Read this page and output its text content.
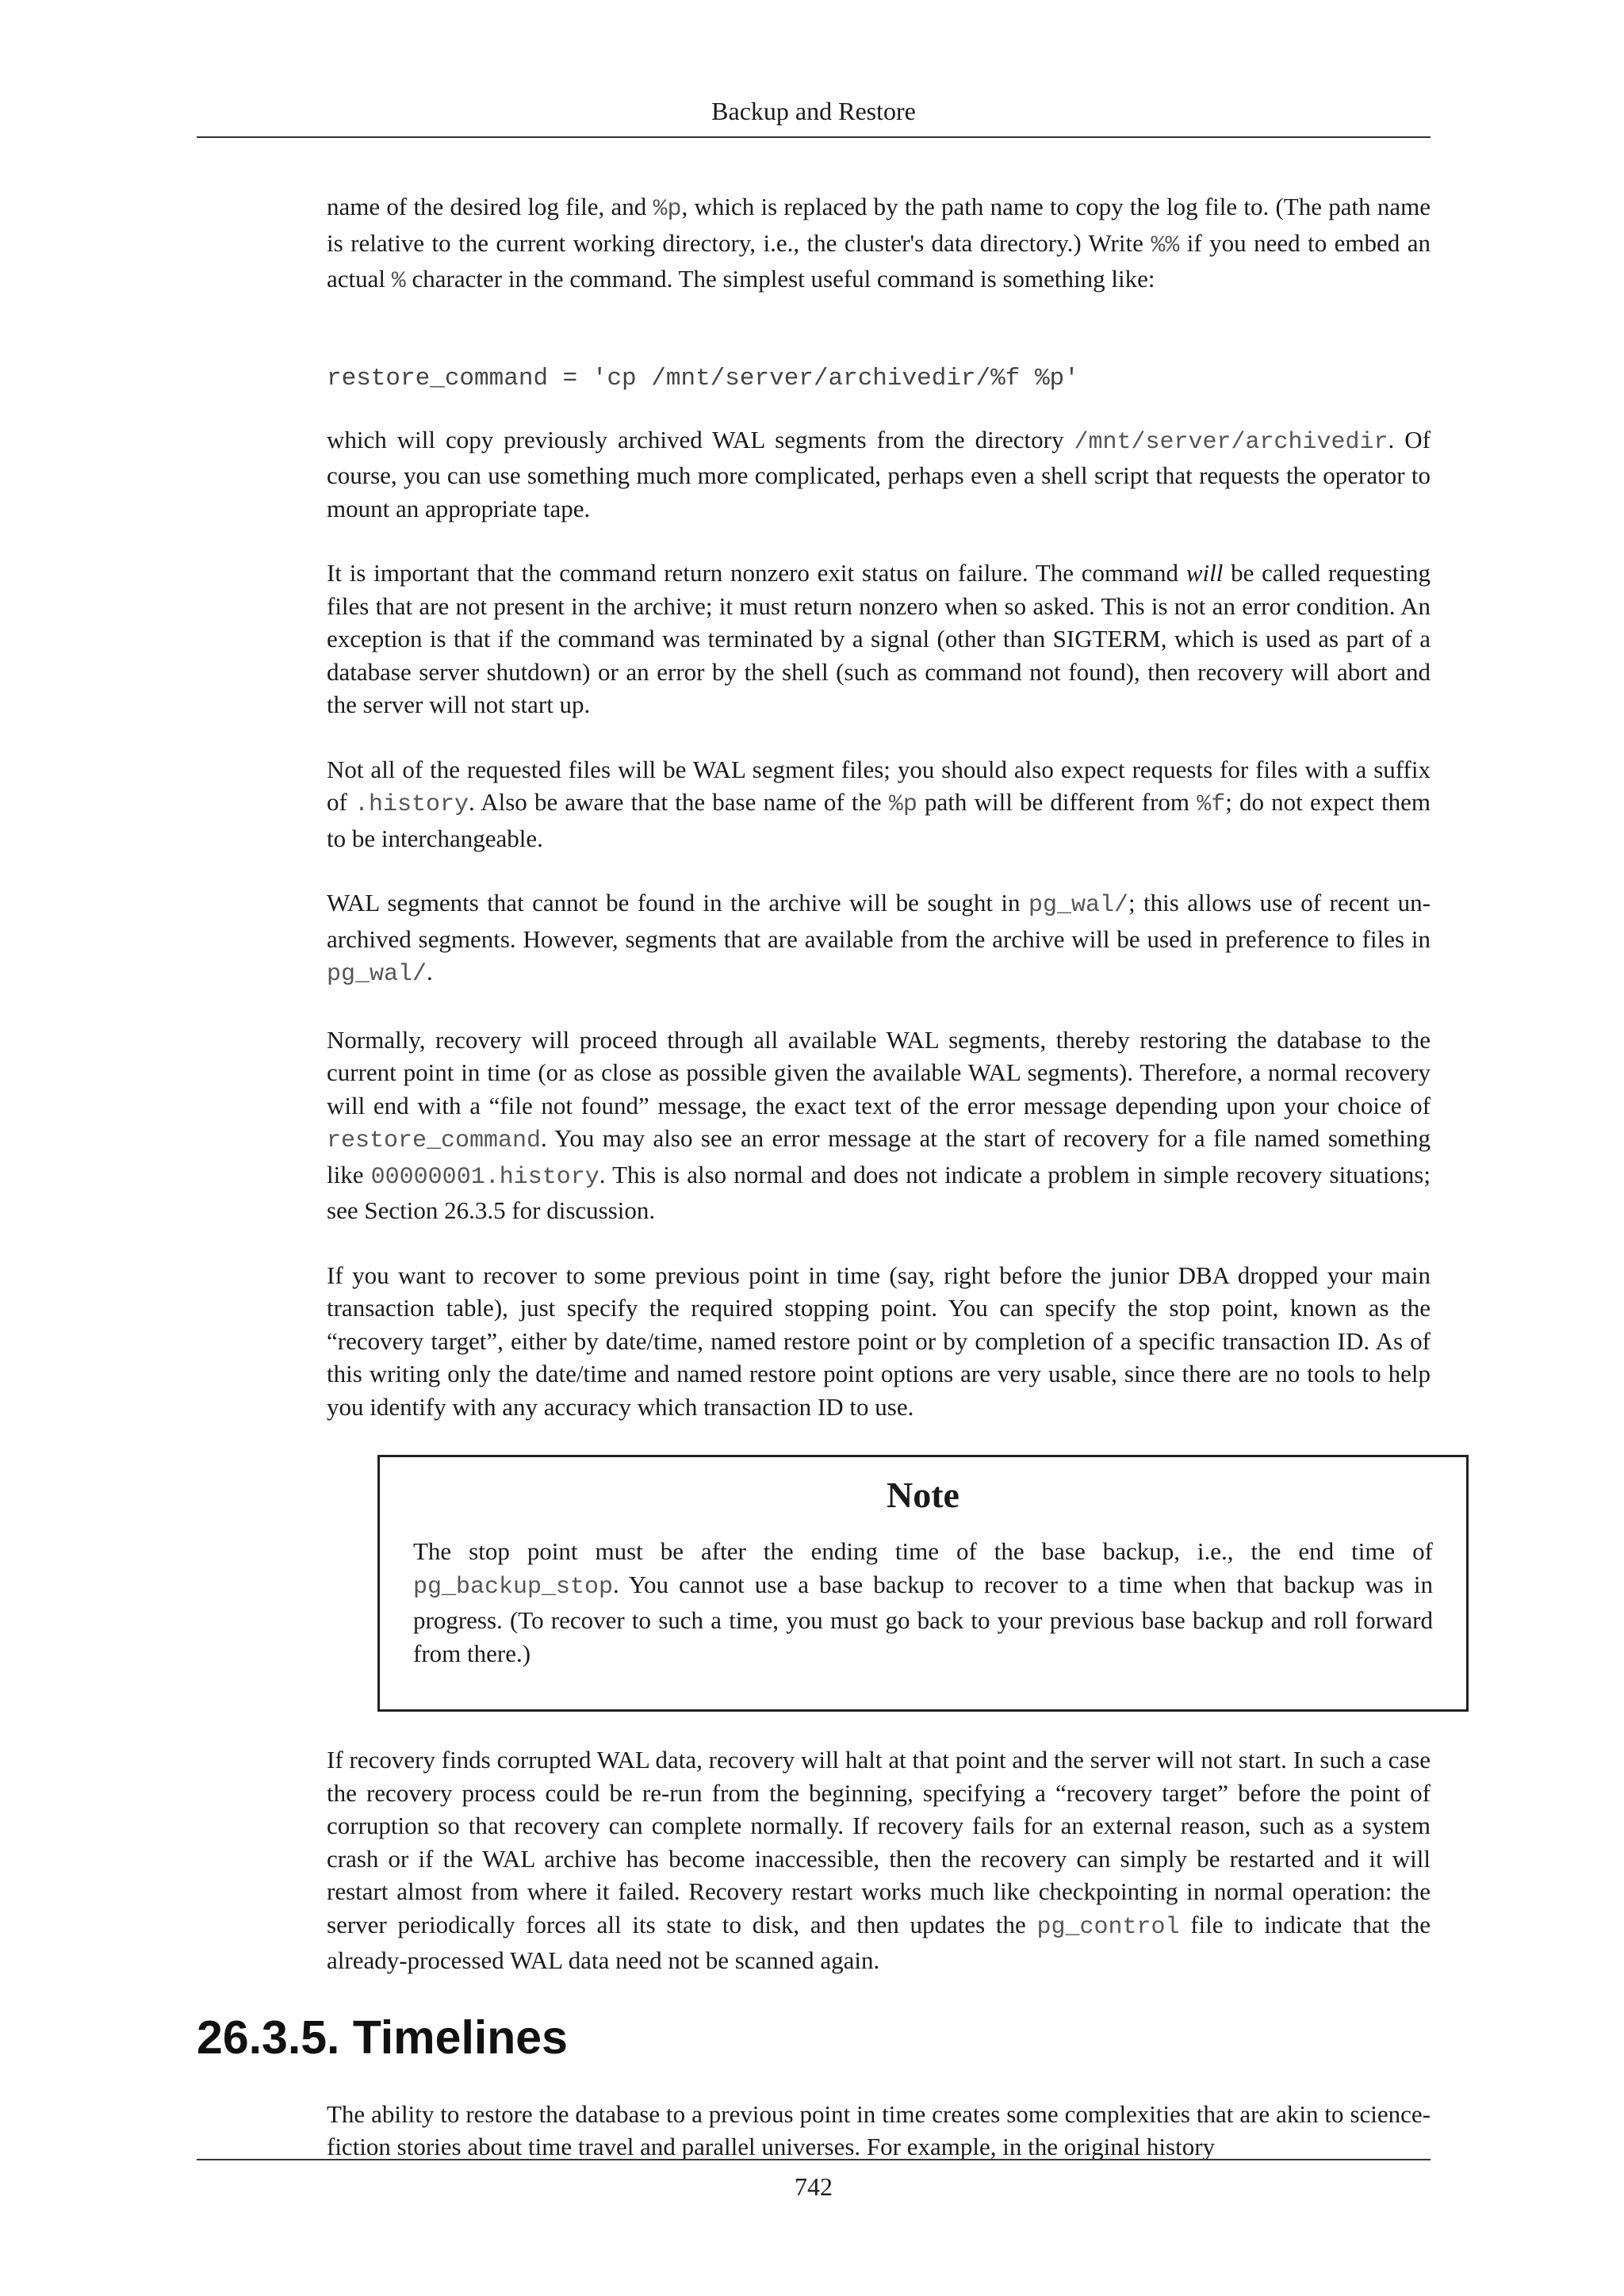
Backup and Restore

name of the desired log file, and %p, which is replaced by the path name to copy the log file to. (The path name is relative to the current working directory, i.e., the cluster's data directory.) Write %% if you need to embed an actual % character in the command. The simplest useful command is something like:

restore_command = 'cp /mnt/server/archivedir/%f %p'

which will copy previously archived WAL segments from the directory /mnt/server/archivedir. Of course, you can use something much more complicated, perhaps even a shell script that requests the operator to mount an appropriate tape.

It is important that the command return nonzero exit status on failure. The command will be called requesting files that are not present in the archive; it must return nonzero when so asked. This is not an error condition. An exception is that if the command was terminated by a signal (other than SIGTERM, which is used as part of a database server shutdown) or an error by the shell (such as command not found), then recovery will abort and the server will not start up.

Not all of the requested files will be WAL segment files; you should also expect requests for files with a suffix of .history. Also be aware that the base name of the %p path will be different from %f; do not expect them to be interchangeable.

WAL segments that cannot be found in the archive will be sought in pg_wal/; this allows use of recent un-archived segments. However, segments that are available from the archive will be used in preference to files in pg_wal/.

Normally, recovery will proceed through all available WAL segments, thereby restoring the database to the current point in time (or as close as possible given the available WAL segments). Therefore, a normal recovery will end with a “file not found” message, the exact text of the error message depending upon your choice of restore_command. You may also see an error message at the start of recovery for a file named something like 00000001.history. This is also normal and does not indicate a problem in simple recovery situations; see Section 26.3.5 for discussion.

If you want to recover to some previous point in time (say, right before the junior DBA dropped your main transaction table), just specify the required stopping point. You can specify the stop point, known as the “recovery target”, either by date/time, named restore point or by completion of a specific transaction ID. As of this writing only the date/time and named restore point options are very usable, since there are no tools to help you identify with any accuracy which transaction ID to use.

Note

The stop point must be after the ending time of the base backup, i.e., the end time of pg_backup_stop. You cannot use a base backup to recover to a time when that backup was in progress. (To recover to such a time, you must go back to your previous base backup and roll forward from there.)

If recovery finds corrupted WAL data, recovery will halt at that point and the server will not start. In such a case the recovery process could be re-run from the beginning, specifying a “recovery target” before the point of corruption so that recovery can complete normally. If recovery fails for an external reason, such as a system crash or if the WAL archive has become inaccessible, then the recovery can simply be restarted and it will restart almost from where it failed. Recovery restart works much like checkpointing in normal operation: the server periodically forces all its state to disk, and then updates the pg_control file to indicate that the already-processed WAL data need not be scanned again.

26.3.5. Timelines

The ability to restore the database to a previous point in time creates some complexities that are akin to science-fiction stories about time travel and parallel universes. For example, in the original history

742
